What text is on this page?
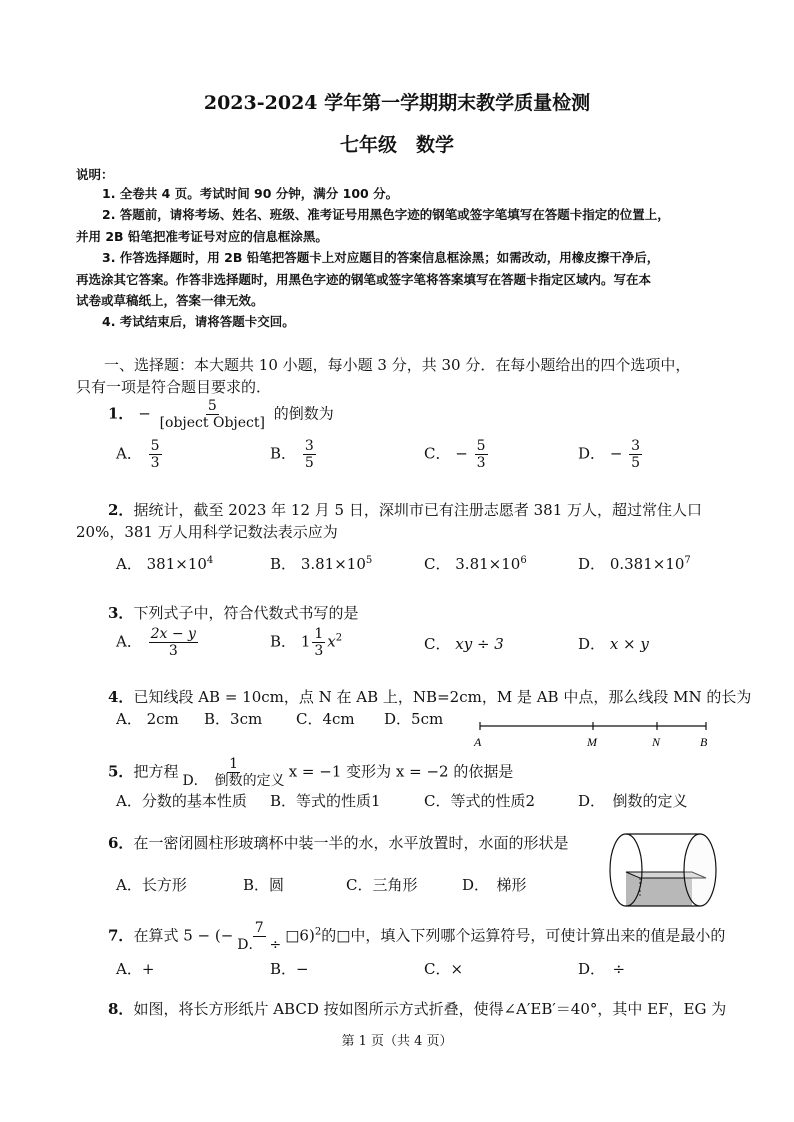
2023-2024 学年第一学期期末教学质量检测
七年级　数学
说明：
1. 全卷共 4 页。考试时间 90 分钟，满分 100 分。
2. 答题前，请将考场、姓名、班级、准考证号用黑色字迹的钢笔或签字笔填写在答题卡指定的位置上，
并用 2B 铅笔把准考证号对应的信息框涂黑。
3. 作答选择题时，用 2B 铅笔把答题卡上对应题目的答案信息框涂黑；如需改动，用橡皮擦干净后，
再选涂其它答案。作答非选择题时，用黑色字迹的钢笔或签字笔将答案填写在答题卡指定区域内。写在本
试卷或草稿纸上，答案一律无效。
4. 考试结束后，请将答题卡交回。
一、选择题：本大题共 10 小题，每小题 3 分，共 30 分．在每小题给出的四个选项中，
只有一项是符合题目要求的．
1． − $\frac{5}{\text{[object Object]}}$ 的倒数为
A． $\frac{5}{3}$	B． $\frac{3}{5}$	C． − $\frac{5}{3}$	D． − $\frac{3}{5}$
2．据统计，截至 2023 年 12 月 5 日，深圳市已有注册志愿者 381 万人，超过常住人口
20%，381 万人用科学记数法表示应为
A． $381\times 10^4$	B． $3.81\times 10^5$	C． $3.81\times 10^6$	D． $0.381\times 10^7$
3．下列式子中，符合代数式书写的是
A． $\frac{2x - y}{3}$	B． $1 \frac{1}{3} x^2$	C． xy ÷ 3	D． x × y
4．已知线段 AB = 10cm，点 N 在 AB 上，NB=2cm，M 是 AB 中点，那么线段 MN 的长为
A． 2cm B．3cm C．4cm D．5cm
A	M	N	B
5．把方程 $\frac{1}{\text{D．　倒数的定义}}$ x = −1 变形为 x = −2 的依据是
A．分数的基本性质 B．等式的性质1	C．等式的性质2	D．　倒数的定义
6．在一密闭圆柱形玻璃杯中装一半的水，水平放置时，水面的形状是
A．长方形	B．圆	C．三角形	D．　梯形
7．在算式 5 − (− $\frac{7}{D. \div}$ □6)$^2$的□中，填入下列哪个运算符号，可使计算出来的值是最小的
A．+	B．−	C．×	D．　÷
8．如图，将长方形纸片 ABCD 按如图所示方式折叠，使得∠A′EB′＝40°，其中 EF，EG 为
第 1 页（共 4 页）
